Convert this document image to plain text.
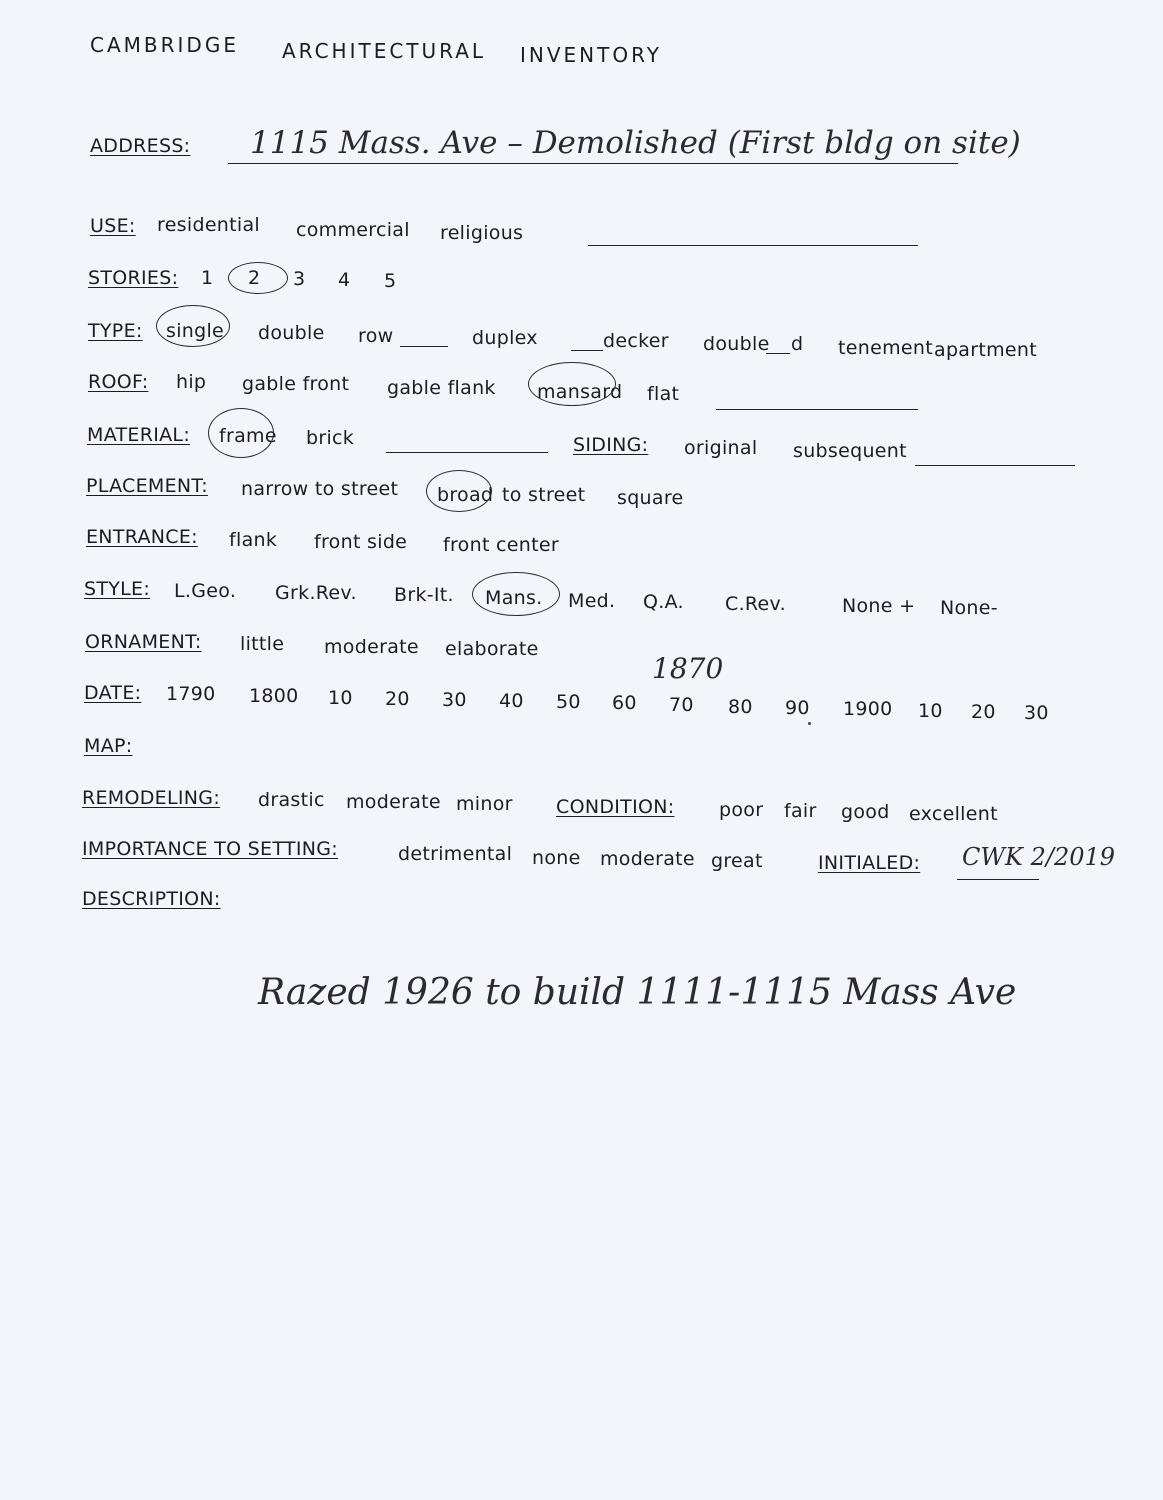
CAMBRIDGE ARCHITECTURAL INVENTORY
ADDRESS: 1115 Mass. Ave – Demolished (First bldg on site)
USE: residential commercial religious
STORIES: 1 2 3 4 5
TYPE: single double row	duplex	decker double d tenement apartment
ROOF: hip gable front gable flank mansard flat
MATERIAL: frame brick	SIDING: original subsequent
PLACEMENT: narrow to street broad to street square
ENTRANCE: flank front side front center
STYLE: L.Geo. Grk.Rev. Brk-It. Mans. Med. Q.A. C.Rev.	None + None-
ORNAMENT: little moderate elaborate
DATE: 1790 1800 10 20 30 40 50 60 70 80 90 1900 10 20 30
1870
MAP:
REMODELING: drastic moderate minor CONDITION: poor fair good excellent
IMPORTANCE TO SETTING:	detrimental none moderate great	INITIALED: CWK 2/2019
DESCRIPTION:
Razed 1926 to build 1111-1115 Mass Ave
